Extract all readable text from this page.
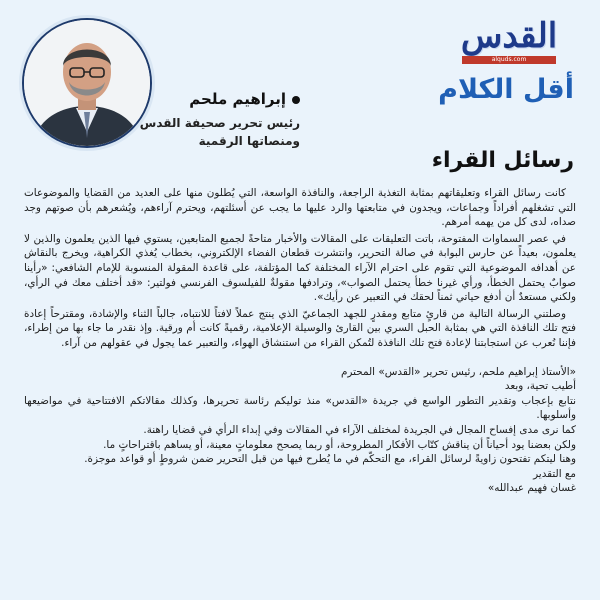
القدس
alquds.com
أقل الكلام
إبراهيم ملحم
رئيس تحرير صحيفة القدس
ومنصاتها الرقمية
رسائل القراء

كانت رسائل القراء وتعليقاتهم بمثابة التغذية الراجعة، والنافذة الواسعة، التي يُطلون منها على العديد من القضايا والموضوعات التي تشغلهم أفراداً وجماعات، ويجدون في متابعتها والرد عليها ما يجب عن أسئلتهم، ويحترم آراءهم، ويُشعرهم بأن صوتهم وجد صداه، لدى كل من يهمه أمرهم.

في عصر السماوات المفتوحة، باتت التعليقات على المقالات والأخبار متاحةً لجميع المتابعين، يستوي فيها الذين يعلمون والذين لا يعلمون، بعيداً عن حارس البوابة في صالة التحرير، وانتشرت قطعان الفضاء الإلكتروني، بخطاب يُغذي الكراهية، ويخرج بالنقاش عن أهدافه الموضوعية التي تقوم على احترام الآراء المختلفة كما المؤتلفة، على قاعدة المقولة المنسوبة للإمام الشافعي: «رأينا صوابٌ يحتمل الخطأ، ورأي غيرنا خطأ يحتمل الصواب»، وترادفها مقولةٌ للفيلسوف الفرنسي فولتير: «قد أختلف معك في الرأي، ولكني مستعدٌ أن أدفع حياتي ثمناً لحقك في التعبير عن رأيك».

وصلتني الرسالة التالية من قارئٍ متابع ومقدرٍ للجهد الجماعيّ الذي ينتج عملاً لافتاً للانتباه، جالباً الثناء والإشادة، ومقترحاً إعادة فتح تلك النافذة التي هي بمثابة الحبل السري بين القارئ والوسيلة الإعلامية، رقميةً كانت أم ورقية. وإذ نقدر ما جاء بها من إطراء، فإننا نُعرب عن استجابتنا لإعادة فتح تلك النافذة لتُمكن القراء من استنشاق الهواء، والتعبير عما يجول في عقولهم من آراء.

«الأستاذ إبراهيم ملحم، رئيس تحرير «القدس» المحترم

أطيب تحية، وبعد

نتابع بإعجاب وتقدير التطور الواسع في جريدة «القدس» منذ توليكم رئاسة تحريرها، وكذلك مقالاتكم الافتتاحية في مواضيعها وأسلوبها.

كما نرى مدى إفساح المجال في الجريدة لمختلف الآراء في المقالات وفي إبداء الرأي في قضايا راهنة.

ولكن بعضنا يود أحياناً أن يناقش كتّاب الأفكار المطروحة، أو ربما يصحح معلوماتٍ معينة، أو يساهم باقتراحاتٍ ما.

وهنا ليتكم تفتحون زاويةً لرسائل القراء، مع التحكّم في ما يُطرح فيها من قبل التحرير ضمن شروطٍ أو قواعد موجزة.

مع التقدير

غسان فهيم عبدالله»
